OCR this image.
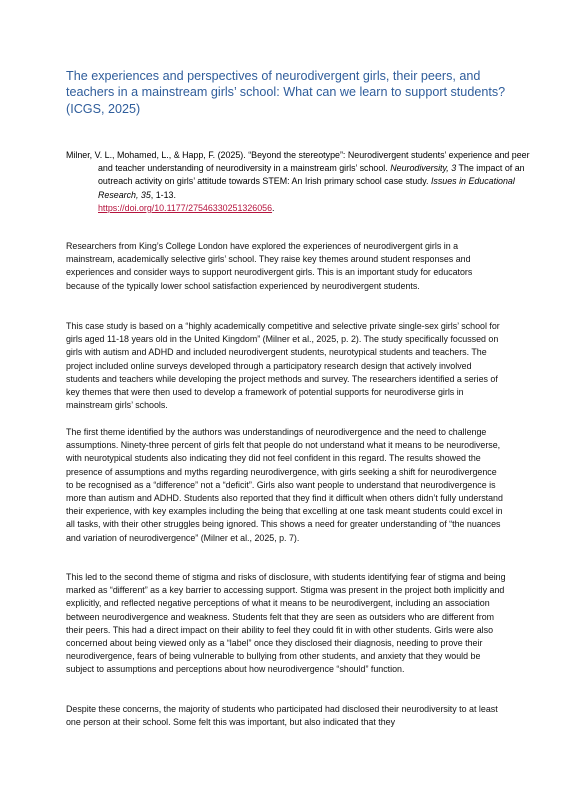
The experiences and perspectives of neurodivergent girls, their peers, and teachers in a mainstream girls’ school: What can we learn to support students? (ICGS, 2025)

Milner, V. L., Mohamed, L., & Happ, F. (2025). “Beyond the stereotype”: Neurodivergent students’ experience and peer and teacher understanding of neurodiversity in a mainstream girls’ school. Neurodiversity, 3 The impact of an outreach activity on girls’ attitude towards STEM: An Irish primary school case study. Issues in Educational Research, 35, 1-13.
https://doi.org/10.1177/27546330251326056.

Researchers from King’s College London have explored the experiences of neurodivergent girls in a mainstream, academically selective girls’ school. They raise key themes around student responses and experiences and consider ways to support neurodivergent girls. This is an important study for educators because of the typically lower school satisfaction experienced by neurodivergent students.

This case study is based on a “highly academically competitive and selective private single-sex girls’ school for girls aged 11-18 years old in the United Kingdom” (Milner et al., 2025, p. 2). The study specifically focussed on girls with autism and ADHD and included neurodivergent students, neurotypical students and teachers. The project included online surveys developed through a participatory research design that actively involved students and teachers while developing the project methods and survey. The researchers identified a series of key themes that were then used to develop a framework of potential supports for neurodiverse girls in mainstream girls’ schools.

The first theme identified by the authors was understandings of neurodivergence and the need to challenge assumptions. Ninety-three percent of girls felt that people do not understand what it means to be neurodiverse, with neurotypical students also indicating they did not feel confident in this regard. The results showed the presence of assumptions and myths regarding neurodivergence, with girls seeking a shift for neurodivergence to be recognised as a “difference” not a “deficit”. Girls also want people to understand that neurodivergence is more than autism and ADHD. Students also reported that they find it difficult when others didn’t fully understand their experience, with key examples including the being that excelling at one task meant students could excel in all tasks, with their other struggles being ignored. This shows a need for greater understanding of “the nuances and variation of neurodivergence” (Milner et al., 2025, p. 7).

This led to the second theme of stigma and risks of disclosure, with students identifying fear of stigma and being marked as “different” as a key barrier to accessing support. Stigma was present in the project both implicitly and explicitly, and reflected negative perceptions of what it means to be neurodivergent, including an association between neurodivergence and weakness. Students felt that they are seen as outsiders who are different from their peers. This had a direct impact on their ability to feel they could fit in with other students. Girls were also concerned about being viewed only as a “label” once they disclosed their diagnosis, needing to prove their neurodivergence, fears of being vulnerable to bullying from other students, and anxiety that they would be subject to assumptions and perceptions about how neurodivergence “should” function.

Despite these concerns, the majority of students who participated had disclosed their neurodiversity to at least one person at their school. Some felt this was important, but also indicated that they
